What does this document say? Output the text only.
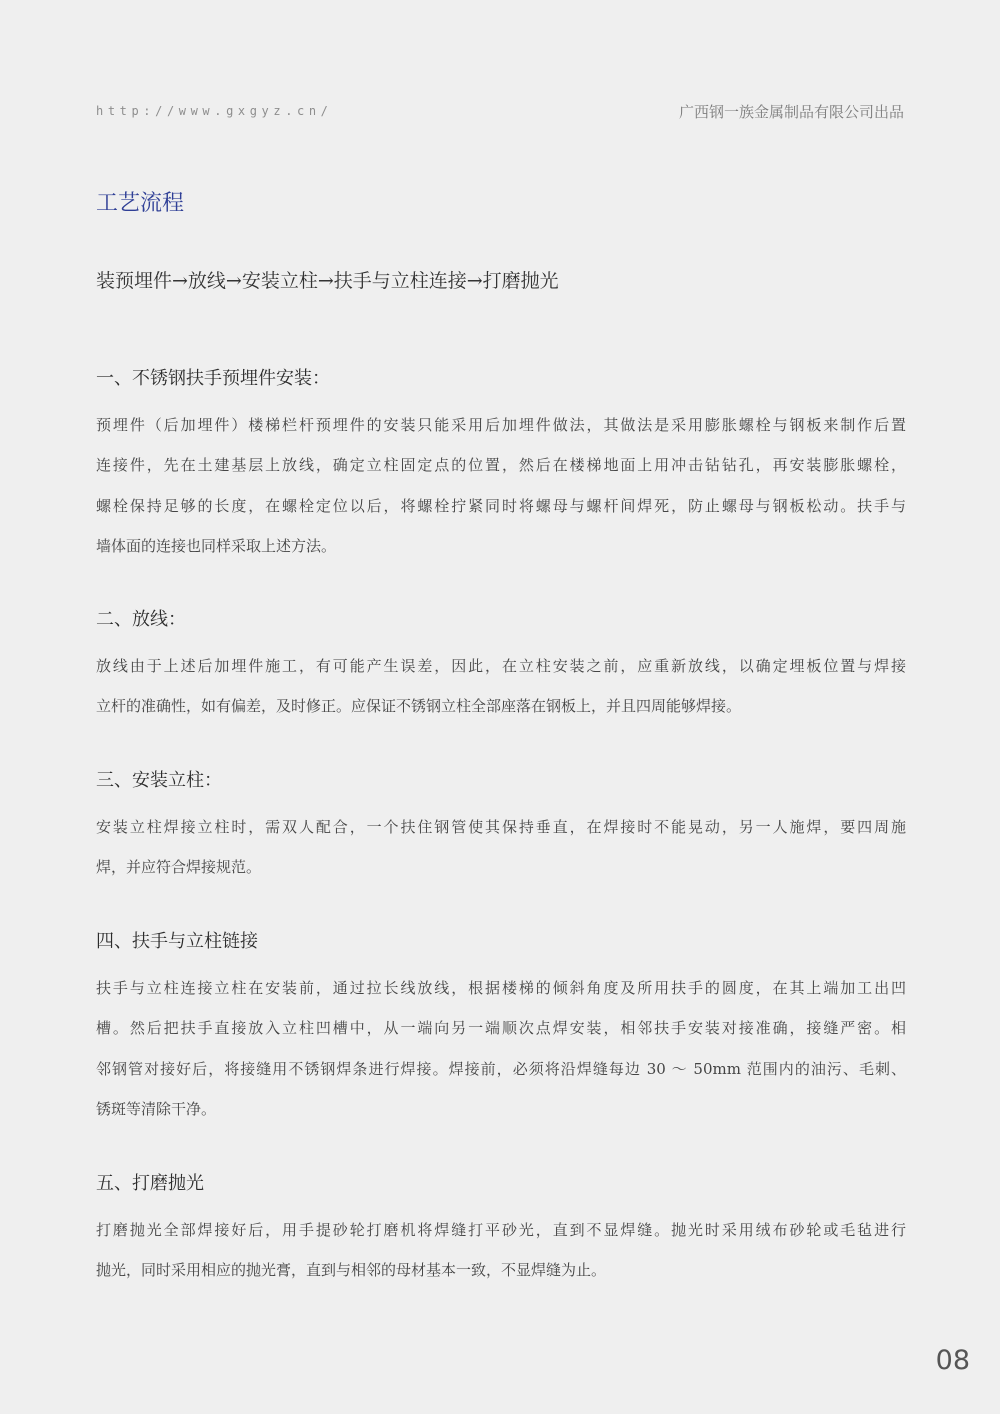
http://www.gxgyz.cn/	广西钢一族金属制品有限公司出品
工艺流程
装预埋件→放线→安装立柱→扶手与立柱连接→打磨抛光
一、不锈钢扶手预埋件安装：

预埋件（后加埋件）楼梯栏杆预埋件的安装只能采用后加埋件做法，其做法是采用膨胀螺栓与钢板来制作后置
连接件，先在土建基层上放线，确定立柱固定点的位置，然后在楼梯地面上用冲击钻钻孔，再安装膨胀螺栓，
螺栓保持足够的长度，在螺栓定位以后，将螺栓拧紧同时将螺母与螺杆间焊死，防止螺母与钢板松动。扶手与
墙体面的连接也同样采取上述方法。

二、放线：

放线由于上述后加埋件施工，有可能产生误差，因此，在立柱安装之前，应重新放线，以确定埋板位置与焊接
立杆的准确性，如有偏差，及时修正。应保证不锈钢立柱全部座落在钢板上，并且四周能够焊接。

三、安装立柱：

安装立柱焊接立柱时，需双人配合，一个扶住钢管使其保持垂直，在焊接时不能晃动，另一人施焊，要四周施
焊，并应符合焊接规范。

四、扶手与立柱链接

扶手与立柱连接立柱在安装前，通过拉长线放线，根据楼梯的倾斜角度及所用扶手的圆度，在其上端加工出凹
槽。然后把扶手直接放入立柱凹槽中，从一端向另一端顺次点焊安装，相邻扶手安装对接准确，接缝严密。相
邻钢管对接好后，将接缝用不锈钢焊条进行焊接。焊接前，必须将沿焊缝每边 30 ～ 50mm 范围内的油污、毛刺、
锈斑等清除干净。

五、打磨抛光

打磨抛光全部焊接好后，用手提砂轮打磨机将焊缝打平砂光，直到不显焊缝。抛光时采用绒布砂轮或毛毡进行
抛光，同时采用相应的抛光膏，直到与相邻的母材基本一致，不显焊缝为止。

08
